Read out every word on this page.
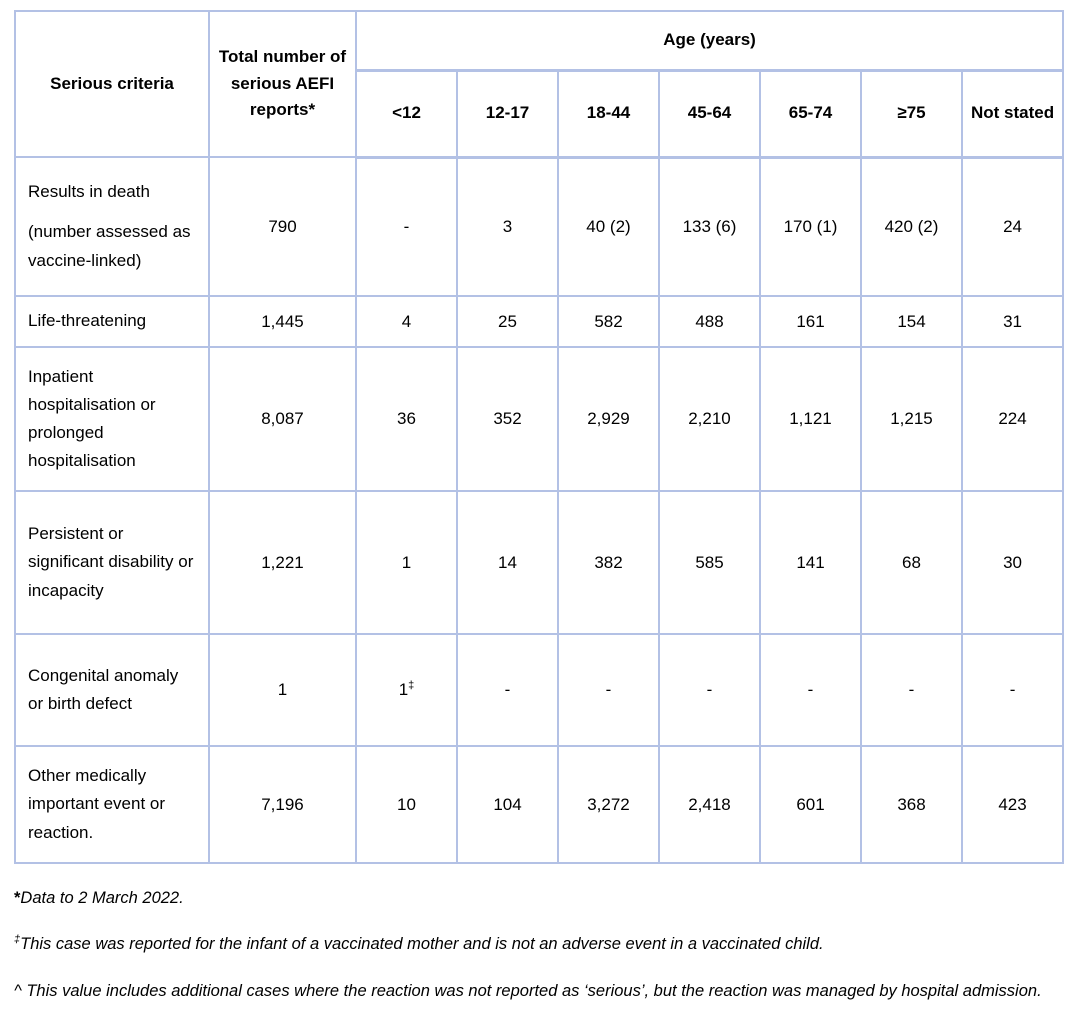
Serious criteria	Total number of serious AEFI reports*	Age (years)						
		<12	12-17	18-44	45-64	65-74	≥75	Not stated

Results in death
(number assessed as vaccine-linked)	790	-	3	40 (2)	133 (6)	170 (1)	420 (2)	24
Life-threatening	1,445	4	25	582	488	161	154	31
Inpatient hospitalisation or prolonged hospitalisation	8,087	36	352	2,929	2,210	1,121	1,215	224
Persistent or significant disability or incapacity	1,221	1	14	382	585	141	68	30
Congenital anomaly or birth defect	1	1‡	-	-	-	-	-	-
Other medically important event or reaction.	7,196	10	104	3,272	2,418	601	368	423

*Data to 2 March 2022.

‡This case was reported for the infant of a vaccinated mother and is not an adverse event in a vaccinated child.

^ This value includes additional cases where the reaction was not reported as ‘serious’, but the reaction was managed by hospital admission.
